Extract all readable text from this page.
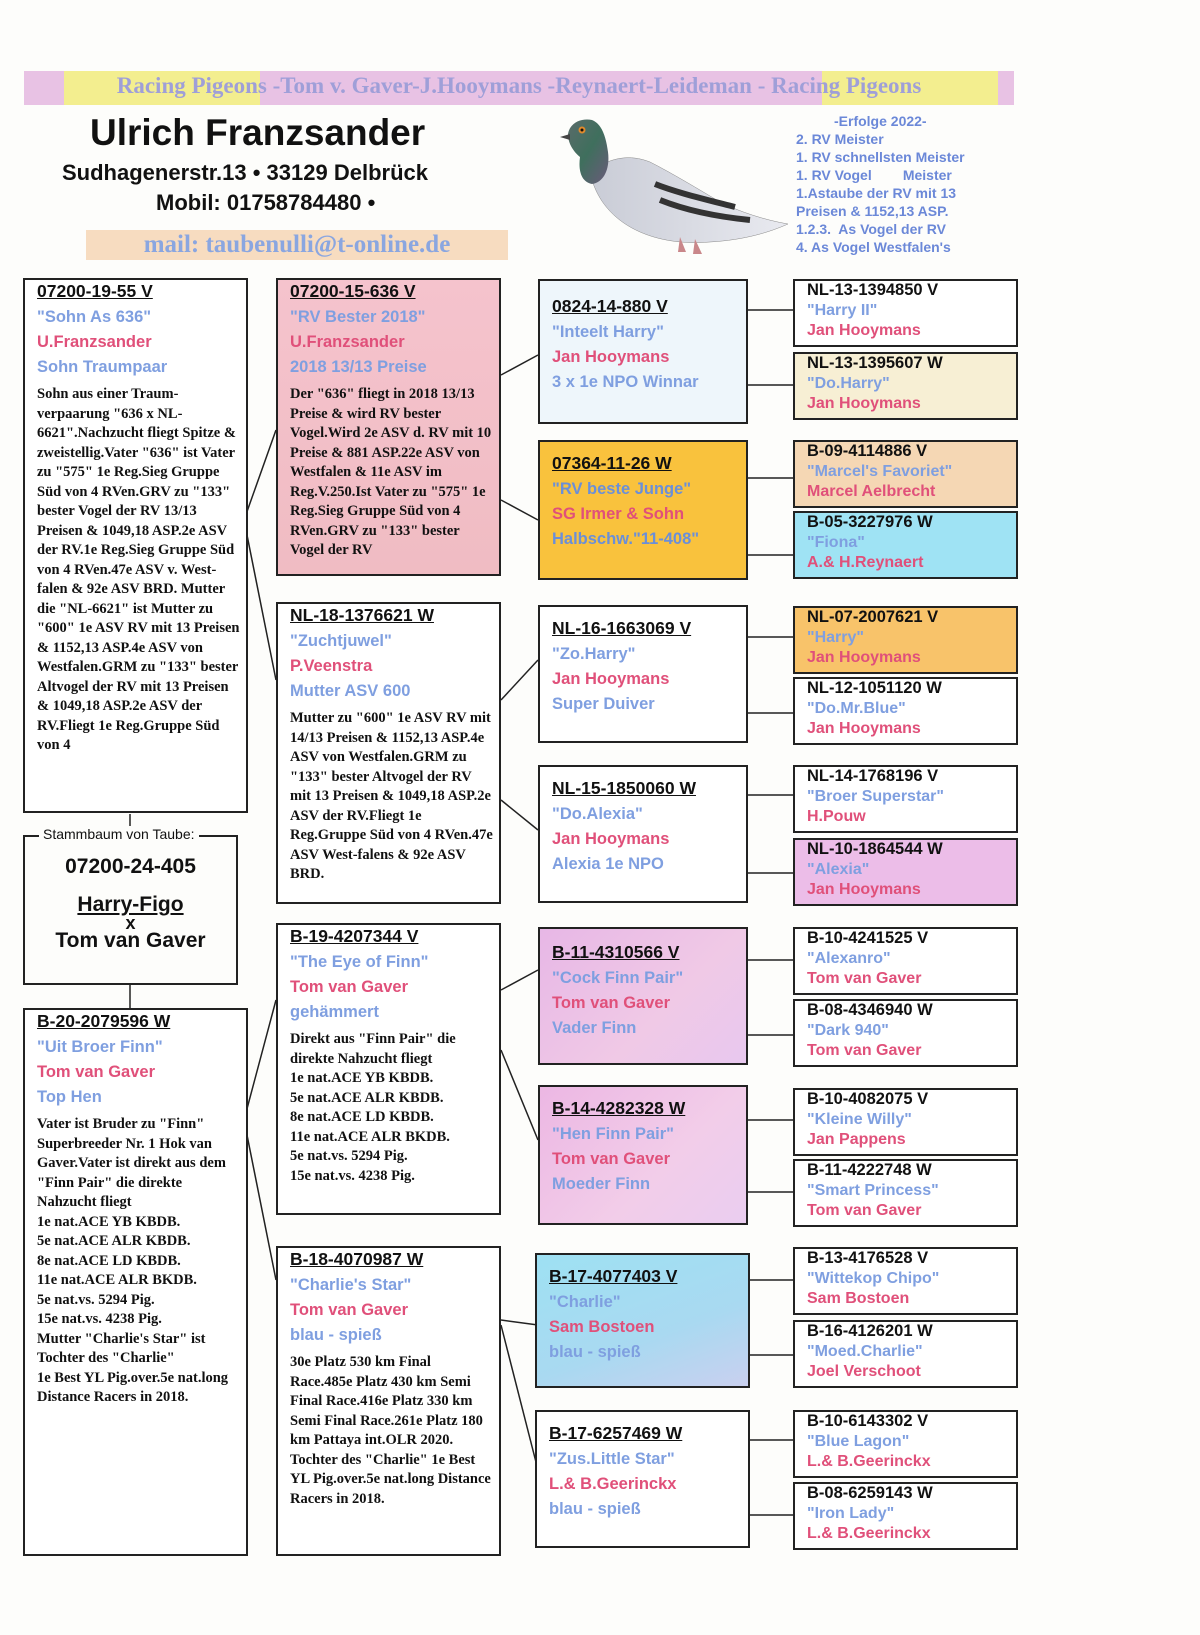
Racing Pigeons -Tom v. Gaver-J.Hooymans -Reynaert-Leideman - Racing Pigeons
Ulrich Franzsander
Sudhagenerstr.13 • 33129 Delbrück
Mobil: 01758784480 •
mail: taubenulli@t-online.de
-Erfolge 2022-
2. RV Meister
1. RV schnellsten Meister
1. RV Vogel        Meister
1.Astaube der RV mit 13
Preisen & 1152,13 ASP.
1.2.3.  As Vogel der RV
4. As Vogel Westfalen's
Stammbaum von Taube:
07200-24-405
Harry-Figo
x
Tom van Gaver
07200-19-55 V
"Sohn As 636"
U.Franzsander
Sohn Traumpaar
Sohn aus einer Traum-verpaarung "636 x NL-6621".Nachzucht fliegt Spitze & zweistellig.Vater "636" ist Vater zu "575" 1e Reg.Sieg Gruppe Süd von 4 RVen.GRV zu "133" bester Vogel der RV 13/13 Preisen & 1049,18 ASP.2e ASV der RV.1e Reg.Sieg Gruppe Süd von 4 RVen.47e ASV v. West-falen & 92e ASV BRD. Mutter die "NL-6621" ist Mutter zu "600" 1e ASV RV mit 13 Preisen & 1152,13 ASP.4e ASV von Westfalen.GRM zu "133" bester Altvogel der RV mit 13 Preisen & 1049,18 ASP.2e ASV der RV.Fliegt 1e Reg.Gruppe Süd von 4
B-20-2079596 W
"Uit Broer Finn"
Tom van Gaver
Top Hen
Vater ist Bruder zu "Finn" Superbreeder Nr. 1 Hok van Gaver.Vater ist direkt aus dem "Finn Pair" die direkte Nahzucht fliegt
1e nat.ACE YB KBDB.
5e nat.ACE ALR KBDB.
8e nat.ACE LD KBDB.
11e nat.ACE ALR BKDB.
5e nat.vs. 5294 Pig.
15e nat.vs. 4238 Pig.
Mutter "Charlie's Star" ist Tochter des "Charlie"
1e Best YL Pig.over.5e nat.long Distance Racers in 2018.
07200-15-636 V
"RV Bester 2018"
U.Franzsander
2018 13/13 Preise
Der "636" fliegt in 2018 13/13 Preise & wird RV bester Vogel.Wird 2e ASV d. RV mit 10 Preise & 881 ASP.22e ASV von Westfalen & 11e ASV im Reg.V.250.Ist Vater zu "575" 1e Reg.Sieg Gruppe Süd von 4 RVen.GRV zu "133" bester Vogel der RV
NL-18-1376621 W
"Zuchtjuwel"
P.Veenstra
Mutter ASV 600
Mutter zu "600" 1e ASV RV mit 14/13 Preisen & 1152,13 ASP.4e ASV von Westfalen.GRM zu "133" bester Altvogel der RV mit 13 Preisen & 1049,18 ASP.2e ASV der RV.Fliegt 1e Reg.Gruppe Süd von 4 RVen.47e ASV West-falens & 92e ASV BRD.
B-19-4207344 V
"The Eye of Finn"
Tom van Gaver
gehämmert
Direkt aus "Finn Pair" die direkte Nahzucht fliegt
1e nat.ACE YB KBDB.
5e nat.ACE ALR KBDB.
8e nat.ACE LD KBDB.
11e nat.ACE ALR BKDB.
5e nat.vs. 5294 Pig.
15e nat.vs. 4238 Pig.
B-18-4070987 W
"Charlie's Star"
Tom van Gaver
blau - spieß
30e Platz 530 km Final Race.485e Platz 430 km Semi Final Race.416e Platz 330 km Semi Final Race.261e Platz 180 km Pattaya int.OLR 2020. Tochter des "Charlie" 1e Best YL Pig.over.5e nat.long Distance Racers in 2018.
0824-14-880 V
"Inteelt Harry"
Jan Hooymans
3 x 1e NPO Winnar
07364-11-26 W
"RV beste Junge"
SG Irmer & Sohn
Halbschw."11-408"
NL-16-1663069 V
"Zo.Harry"
Jan Hooymans
Super Duiver
NL-15-1850060 W
"Do.Alexia"
Jan Hooymans
Alexia 1e NPO
B-11-4310566 V
"Cock Finn Pair"
Tom van Gaver
Vader Finn
B-14-4282328 W
"Hen Finn Pair"
Tom van Gaver
Moeder Finn
B-17-4077403 V
"Charlie"
Sam Bostoen
blau - spieß
B-17-6257469 W
"Zus.Little Star"
L.& B.Geerinckx
blau - spieß
NL-13-1394850 V
"Harry II"
Jan Hooymans
NL-13-1395607 W
"Do.Harry"
Jan Hooymans
B-09-4114886 V
"Marcel's Favoriet"
Marcel Aelbrecht
B-05-3227976 W
"Fiona"
A.& H.Reynaert
NL-07-2007621 V
"Harry"
Jan Hooymans
NL-12-1051120 W
"Do.Mr.Blue"
Jan Hooymans
NL-14-1768196 V
"Broer Superstar"
H.Pouw
NL-10-1864544 W
"Alexia"
Jan Hooymans
B-10-4241525 V
"Alexanro"
Tom van Gaver
B-08-4346940 W
"Dark 940"
Tom van Gaver
B-10-4082075 V
"Kleine Willy"
Jan Pappens
B-11-4222748 W
"Smart Princess"
Tom van Gaver
B-13-4176528 V
"Wittekop Chipo"
Sam Bostoen
B-16-4126201 W
"Moed.Charlie"
Joel Verschoot
B-10-6143302 V
"Blue Lagon"
L.& B.Geerinckx
B-08-6259143 W
"Iron Lady"
L.& B.Geerinckx
